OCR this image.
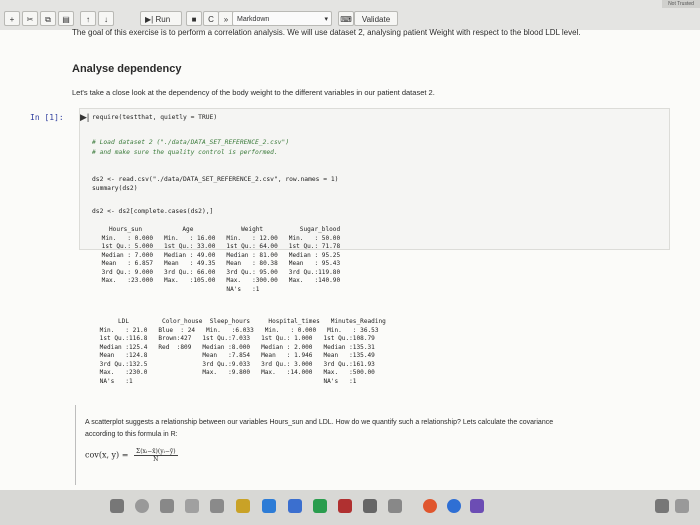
+	✂	⧉	▤	↑	↓	▶| Run	■	C	»	Markdown	▾ ⌨	Validate
Not Trusted
The goal of this exercise is to perform a correlation analysis. We will use dataset 2, analysing patient Weight with respect to the blood LDL level.
Analyse dependency
Let's take a close look at the dependency of the body weight to the different variables in our patient dataset 2.
In [1]: ▶| require(testthat, quietly = TRUE)
# Load dataset 2 ("./data/DATA_SET_REFERENCE_2.csv")
# and make sure the quality control is performed.
ds2 <- read.csv("./data/DATA_SET_REFERENCE_2.csv", row.names = 1)
summary(ds2)
ds2 <- ds2[complete.cases(ds2),]
Hours_sun           Age             Weight          Sugar_blood
Min.   : 0.000   Min.   : 16.00   Min.   : 12.00   Min.   : 50.00
1st Qu.: 5.000   1st Qu.: 33.00   1st Qu.: 64.00   1st Qu.: 71.78
Median : 7.000   Median : 49.00   Median : 81.00   Median : 95.25
Mean   : 6.857   Mean   : 49.35   Mean   : 80.38   Mean   : 95.43
3rd Qu.: 9.000   3rd Qu.: 66.00   3rd Qu.: 95.00   3rd Qu.:119.80
Max.   :23.000   Max.   :105.00   Max.   :300.00   Max.   :140.90
NA's   :1
LDL         Color_house  Sleep_hours     Hospital_times   Minutes_Reading
Min.   : 21.0   Blue  : 24   Min.   :6.033   Min.   : 0.000   Min.   : 36.53
1st Qu.:116.8   Brown:427   1st Qu.:7.033   1st Qu.: 1.000   1st Qu.:108.79
Median :125.4   Red  :809   Median :8.000   Median : 2.000   Median :135.31
Mean   :124.8               Mean   :7.854   Mean   : 1.946   Mean   :135.49
3rd Qu.:132.5               3rd Qu.:9.033   3rd Qu.: 3.000   3rd Qu.:161.93
Max.   :230.0               Max.   :9.800   Max.   :14.000   Max.   :500.00
NA's   :1                                                    NA's   :1
A scatterplot suggests a relationship between our variables Hours_sun and LDL. How do we quantify such a relationship? Lets calculate the covariance
according to this formula in R:
cov(x, $y) = \frac{\text{Σ(xᵢ−x̄)(yᵢ−ȳ)}}{N}$
